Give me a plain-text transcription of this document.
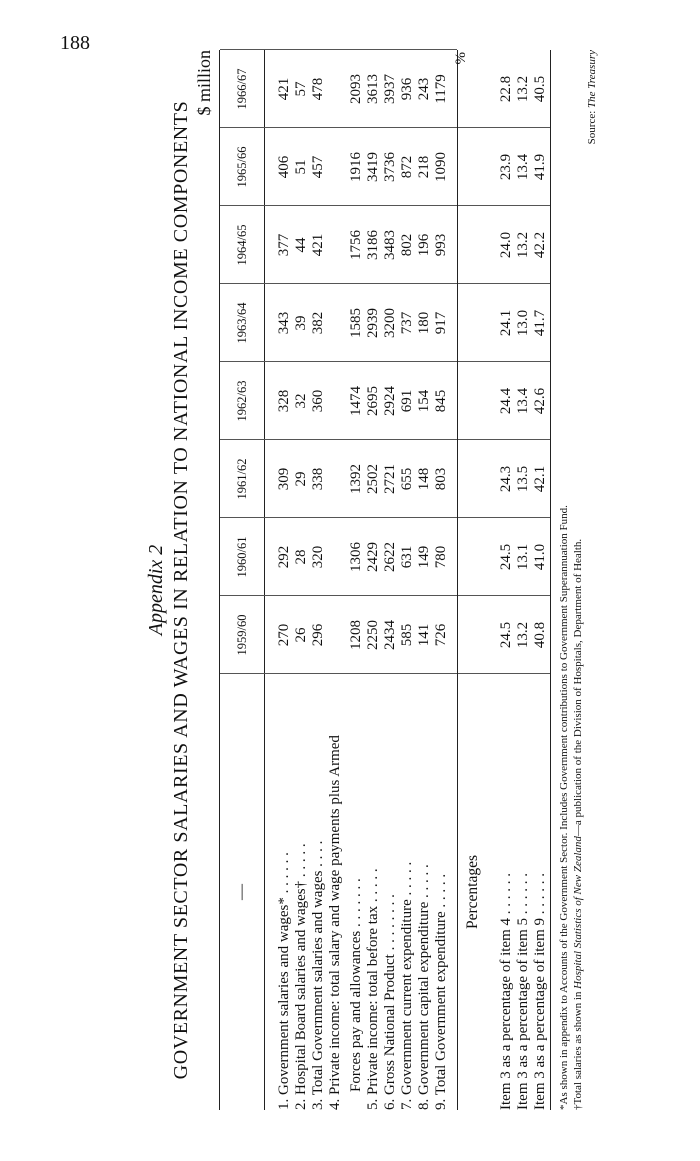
188
Appendix 2 GOVERNMENT SECTOR SALARIES AND WAGES IN RELATION TO NATIONAL INCOME COMPONENTS
$ million
—
1959/60
1960/61
1961/62
1962/63
1963/64
1964/65
1965/66
1966/67
1. Government salaries and wages* . . . . . .
270
292
309
328
343
377
406
421
2. Hospital Board salaries and wages† . . . . .
26
28
29
32
39
44
51
57
3. Total Government salaries and wages . . . .
296
320
338
360
382
421
457
478
4. Private income: total salary and wage payments plus Armed Forces pay and allowances . . . . . . .
1208
1306
1392
1474
1585
1756
1916
2093
5. Private income: total before tax . . . . .
2250
2429
2502
2695
2939
3186
3419
3613
6. Gross National Product . . . . . . . .
2434
2622
2721
2924
3200
3483
3736
3937
7. Government current expenditure . . . . .
585
631
655
691
737
802
872
936
8. Government capital expenditure . . . . .
141
149
148
154
180
196
218
243
9. Total Government expenditure . . . . .
726
780
803
845
917
993
1090
1179
Percentages
%
Item 3 as a percentage of item 4 . . . . . .
24.5
24.5
24.3
24.4
24.1
24.0
23.9
22.8
Item 3 as a percentage of item 5 . . . . . .
13.2
13.1
13.5
13.4
13.0
13.2
13.4
13.2
Item 3 as a percentage of item 9 . . . . . .
40.8
41.0
42.1
42.6
41.7
42.2
41.9
40.5
*As shown in appendix to Accounts of the Government Sector. Includes Government contributions to Government Superannuation Fund. †Total salaries as shown in Hospital Statistics of New Zealand—a publication of the Division of Hospitals, Department of Health.
Source: The Treasury
